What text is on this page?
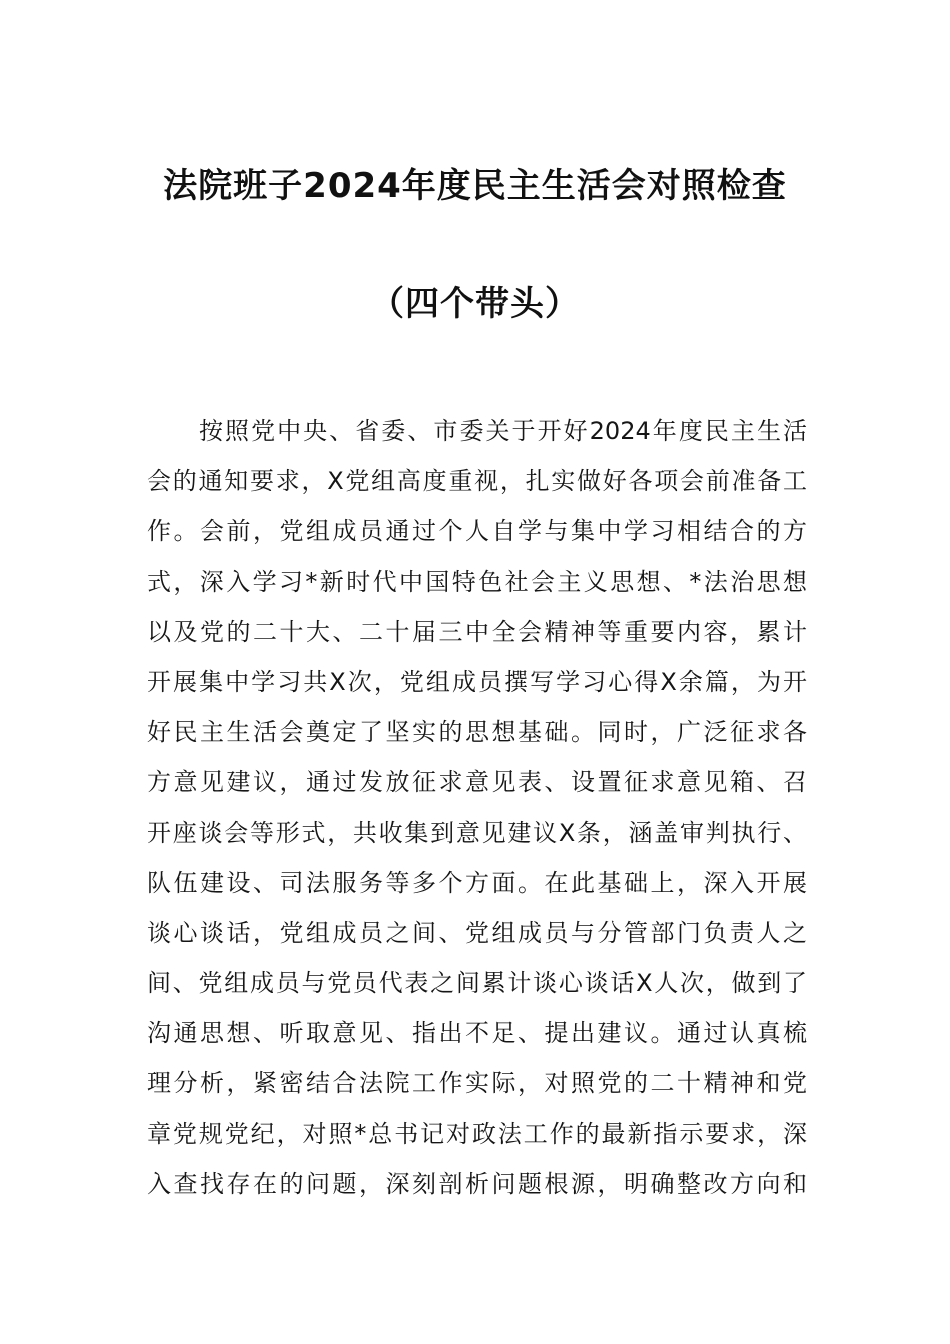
法院班子2024年度民主生活会对照检查
（四个带头）
按照党中央、省委、市委关于开好2024年度民主生活
会的通知要求，X党组高度重视，扎实做好各项会前准备工
作。会前，党组成员通过个人自学与集中学习相结合的方
式，深入学习*新时代中国特色社会主义思想、*法治思想
以及党的二十大、二十届三中全会精神等重要内容，累计
开展集中学习共X次，党组成员撰写学习心得X余篇，为开
好民主生活会奠定了坚实的思想基础。同时，广泛征求各
方意见建议，通过发放征求意见表、设置征求意见箱、召
开座谈会等形式，共收集到意见建议X条，涵盖审判执行、
队伍建设、司法服务等多个方面。在此基础上，深入开展
谈心谈话，党组成员之间、党组成员与分管部门负责人之
间、党组成员与党员代表之间累计谈心谈话X人次，做到了
沟通思想、听取意见、指出不足、提出建议。通过认真梳
理分析，紧密结合法院工作实际，对照党的二十精神和党
章党规党纪，对照*总书记对政法工作的最新指示要求，深
入查找存在的问题，深刻剖析问题根源，明确整改方向和
